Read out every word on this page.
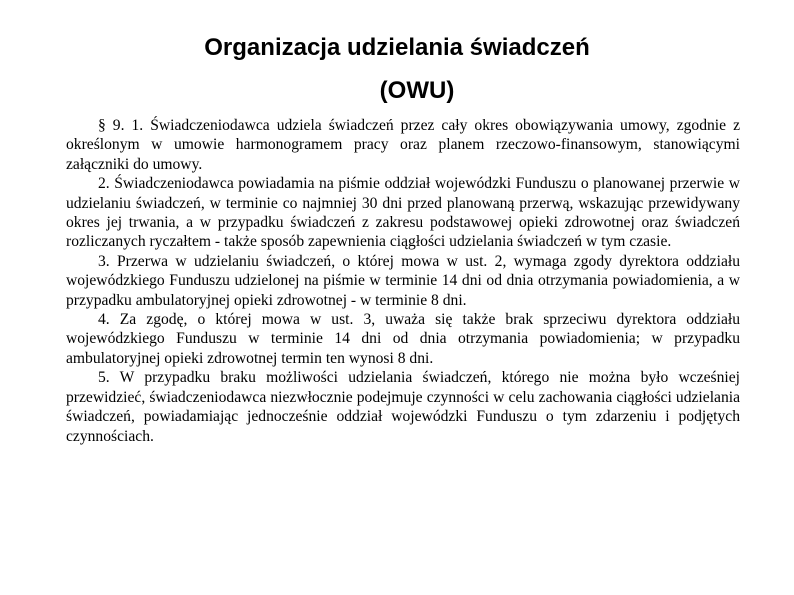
Organizacja udzielania świadczeń
(OWU)

§ 9. 1. Świadczeniodawca udziela świadczeń przez cały okres obowiązywania umowy, zgodnie z określonym w umowie harmonogramem pracy oraz planem rzeczowo-finansowym, stanowiącymi załączniki do umowy.

2. Świadczeniodawca powiadamia na piśmie oddział wojewódzki Funduszu o planowanej przerwie w udzielaniu świadczeń, w terminie co najmniej 30 dni przed planowaną przerwą, wskazując przewidywany okres jej trwania, a w przypadku świadczeń z zakresu podstawowej opieki zdrowotnej oraz świadczeń rozliczanych ryczałtem - także sposób zapewnienia ciągłości udzielania świadczeń w tym czasie.

3. Przerwa w udzielaniu świadczeń, o której mowa w ust. 2, wymaga zgody dyrektora oddziału wojewódzkiego Funduszu udzielonej na piśmie w terminie 14 dni od dnia otrzymania powiadomienia, a w przypadku ambulatoryjnej opieki zdrowotnej - w terminie 8 dni.

4. Za zgodę, o której mowa w ust. 3, uważa się także brak sprzeciwu dyrektora oddziału wojewódzkiego Funduszu w terminie 14 dni od dnia otrzymania powiadomienia; w przypadku ambulatoryjnej opieki zdrowotnej termin ten wynosi 8 dni.

5. W przypadku braku możliwości udzielania świadczeń, którego nie można było wcześniej przewidzieć, świadczeniodawca niezwłocznie podejmuje czynności w celu zachowania ciągłości udzielania świadczeń, powiadamiając jednocześnie oddział wojewódzki Funduszu o tym zdarzeniu i podjętych czynnościach.
